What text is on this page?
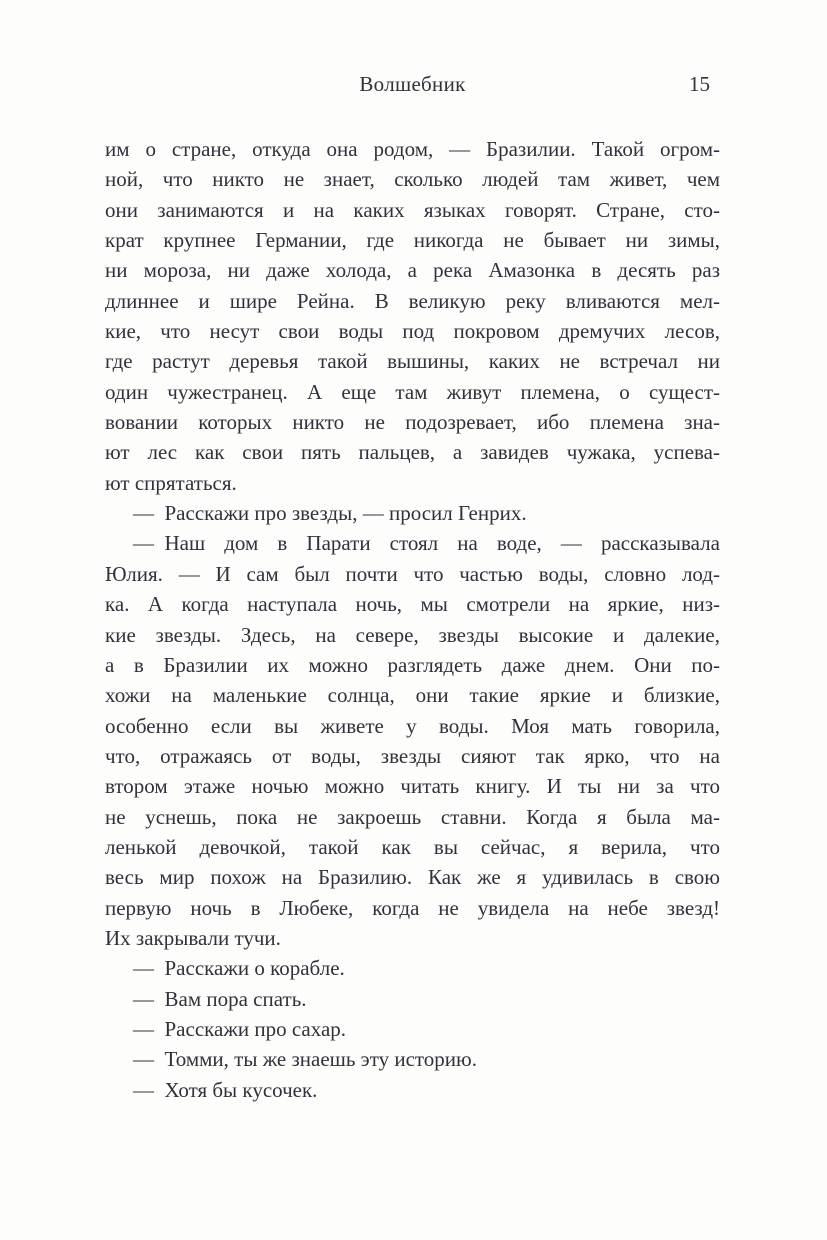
Волшебник	15
им о стране, откуда она родом, — Бразилии. Такой огром-
ной, что никто не знает, сколько людей там живет, чем
они занимаются и на каких языках говорят. Стране, сто-
крат крупнее Германии, где никогда не бывает ни зимы,
ни мороза, ни даже холода, а река Амазонка в десять раз
длиннее и шире Рейна. В великую реку вливаются мел-
кие, что несут свои воды под покровом дремучих лесов,
где растут деревья такой вышины, каких не встречал ни
один чужестранец. А еще там живут племена, о сущест-
вовании которых никто не подозревает, ибо племена зна-
ют лес как свои пять пальцев, а завидев чужака, успева-
ют спрятаться.
— Расскажи про звезды, — просил Генрих.
— Наш дом в Парати стоял на воде, — рассказывала
Юлия. — И сам был почти что частью воды, словно лод-
ка. А когда наступала ночь, мы смотрели на яркие, низ-
кие звезды. Здесь, на севере, звезды высокие и далекие,
а в Бразилии их можно разглядеть даже днем. Они по-
хожи на маленькие солнца, они такие яркие и близкие,
особенно если вы живете у воды. Моя мать говорила,
что, отражаясь от воды, звезды сияют так ярко, что на
втором этаже ночью можно читать книгу. И ты ни за что
не уснешь, пока не закроешь ставни. Когда я была ма-
ленькой девочкой, такой как вы сейчас, я верила, что
весь мир похож на Бразилию. Как же я удивилась в свою
первую ночь в Любеке, когда не увидела на небе звезд!
Их закрывали тучи.
— Расскажи о корабле.
— Вам пора спать.
— Расскажи про сахар.
— Томми, ты же знаешь эту историю.
— Хотя бы кусочек.
